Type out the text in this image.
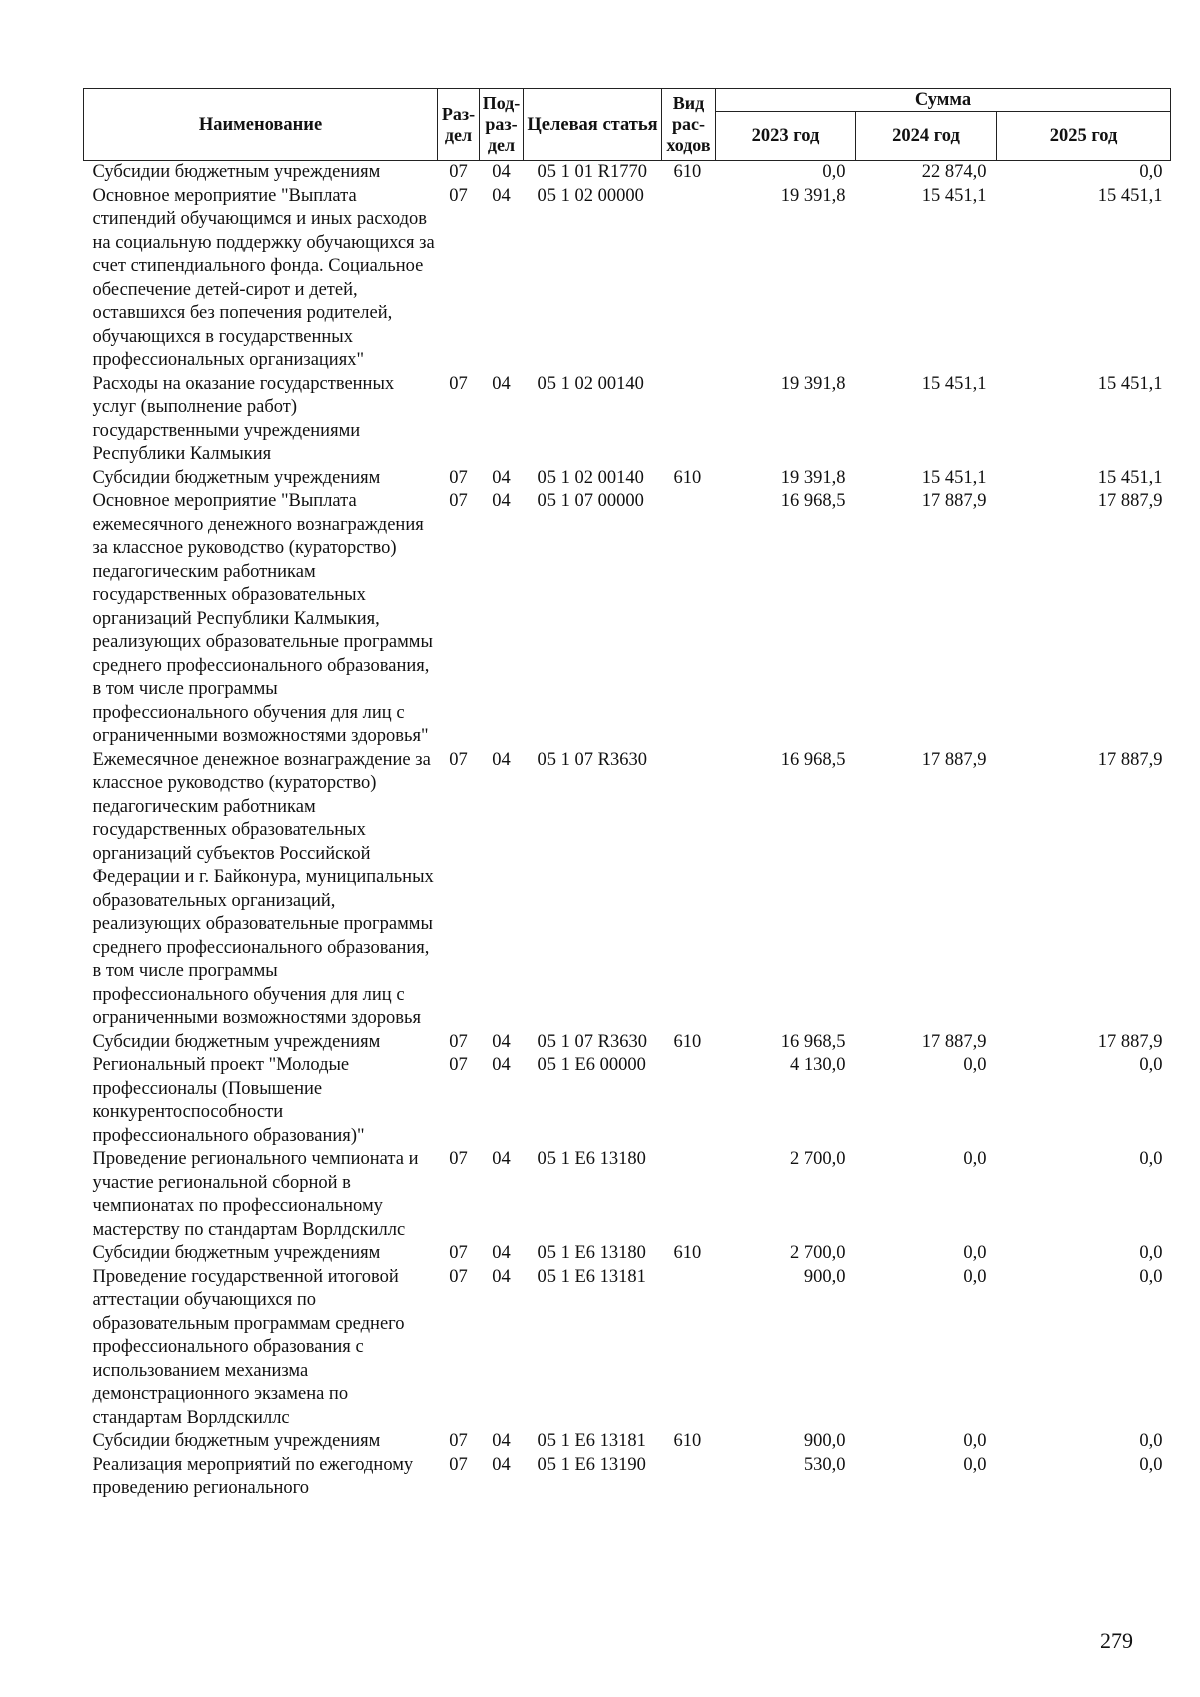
Наименование	Раз-дел	Под-раз-дел	Целевая статья	Вид рас-ходов	Сумма		
					2023 год	2024 год	2025 год
Субсидии бюджетным учреждениям	07	04	05 1 01 R1770	610	0,0	22 874,0	0,0
Основное мероприятие "Выплата стипендий обучающимся и иных расходов на социальную поддержку обучающихся за счет стипендиального фонда. Социальное обеспечение детей-сирот и детей, оставшихся без попечения родителей, обучающихся в государственных профессиональных организациях"	07	04	05 1 02 00000		19 391,8	15 451,1	15 451,1
Расходы на оказание государственных услуг (выполнение работ) государственными учреждениями Республики Калмыкия	07	04	05 1 02 00140		19 391,8	15 451,1	15 451,1
Субсидии бюджетным учреждениям	07	04	05 1 02 00140	610	19 391,8	15 451,1	15 451,1
Основное мероприятие "Выплата ежемесячного денежного вознаграждения за классное руководство (кураторство) педагогическим работникам государственных образовательных организаций Республики Калмыкия, реализующих образовательные программы среднего профессионального образования, в том числе программы профессионального обучения для лиц с ограниченными возможностями здоровья"	07	04	05 1 07 00000		16 968,5	17 887,9	17 887,9
Ежемесячное денежное вознаграждение за классное руководство (кураторство) педагогическим работникам государственных образовательных организаций субъектов Российской Федерации и г. Байконура, муниципальных образовательных организаций, реализующих образовательные программы среднего профессионального образования, в том числе программы профессионального обучения для лиц с ограниченными возможностями здоровья	07	04	05 1 07 R3630		16 968,5	17 887,9	17 887,9
Субсидии бюджетным учреждениям	07	04	05 1 07 R3630	610	16 968,5	17 887,9	17 887,9
Региональный проект "Молодые профессионалы (Повышение конкурентоспособности профессионального образования)"	07	04	05 1 E6 00000		4 130,0	0,0	0,0
Проведение регионального чемпионата и участие региональной сборной в чемпионатах по профессиональному мастерству по стандартам Ворлдскиллс	07	04	05 1 E6 13180		2 700,0	0,0	0,0
Субсидии бюджетным учреждениям	07	04	05 1 E6 13180	610	2 700,0	0,0	0,0
Проведение государственной итоговой аттестации обучающихся по образовательным программам среднего профессионального образования с использованием механизма демонстрационного экзамена по стандартам Ворлдскиллс	07	04	05 1 E6 13181		900,0	0,0	0,0
Субсидии бюджетным учреждениям	07	04	05 1 E6 13181	610	900,0	0,0	0,0
Реализация мероприятий по ежегодному проведению регионального	07	04	05 1 E6 13190		530,0	0,0	0,0
279
